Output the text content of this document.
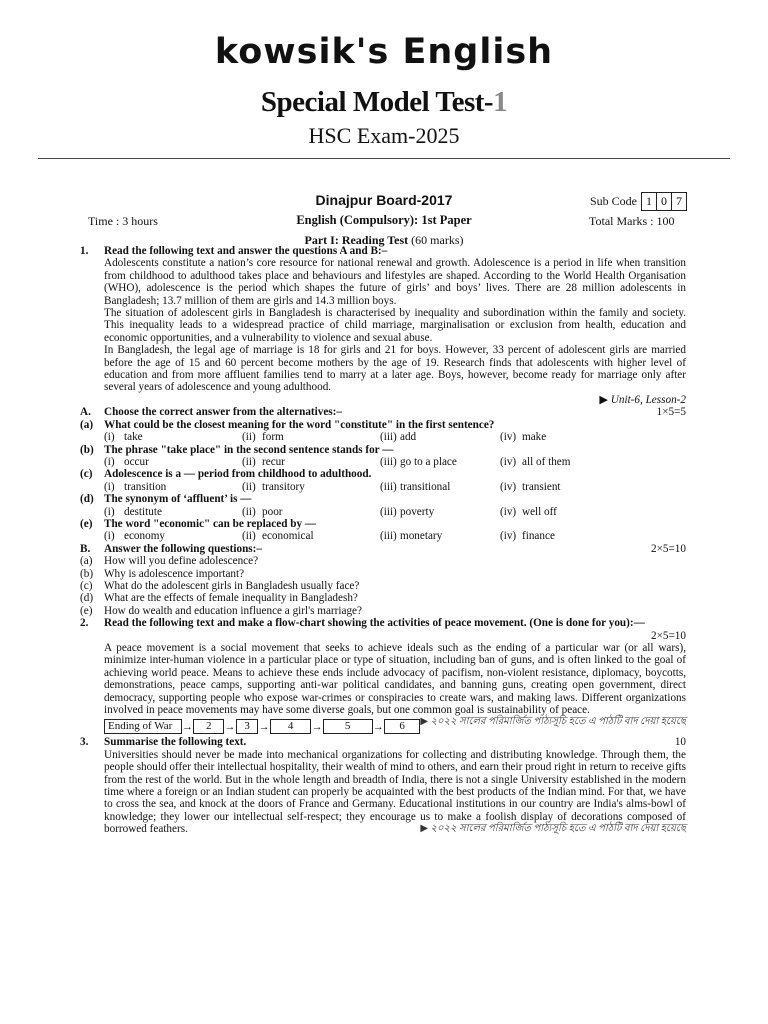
kowsik's English
Special Model Test-1
HSC Exam-2025
Dinajpur Board-2017	Sub Code 1 0 7
Time : 3 hours	English (Compulsory): 1st Paper	Total Marks : 100
Part I: Reading Test (60 marks)
1. Read the following text and answer the questions A and B:–
Adolescents constitute a nation’s core resource for national renewal and growth. Adolescence is a period in life when transition from childhood to adulthood takes place and behaviours and lifestyles are shaped. According to the World Health Organisation (WHO), adolescence is the period which shapes the future of girls’ and boys’ lives. There are 28 million adolescents in Bangladesh; 13.7 million of them are girls and 14.3 million boys.
The situation of adolescent girls in Bangladesh is characterised by inequality and subordination within the family and society. This inequality leads to a widespread practice of child marriage, marginalisation or exclusion from health, education and economic opportunities, and a vulnerability to violence and sexual abuse.
In Bangladesh, the legal age of marriage is 18 for girls and 21 for boys. However, 33 percent of adolescent girls are married before the age of 15 and 60 percent become mothers by the age of 19. Research finds that adolescents with higher level of education and from more affluent families tend to marry at a later age. Boys, however, become ready for marriage only after several years of adolescence and young adulthood.
▶ Unit-6, Lesson-2
A. Choose the correct answer from the alternatives:–	1×5=5
(a) What could be the closest meaning for the word "constitute" in the first sentence?
(i) take	(ii) form	(iii) add	(iv) make
(b) The phrase "take place" in the second sentence stands for —
(i) occur	(ii) recur	(iii) go to a place	(iv) all of them
(c) Adolescence is a — period from childhood to adulthood.
(i) transition	(ii) transitory	(iii) transitional	(iv) transient
(d) The synonym of ‘affluent’ is —
(i) destitute	(ii) poor	(iii) poverty	(iv) well off
(e) The word "economic" can be replaced by —
(i) economy	(ii) economical	(iii) monetary	(iv) finance
B. Answer the following questions:–	2×5=10
(a) How will you define adolescence?
(b) Why is adolescence important?
(c) What do the adolescent girls in Bangladesh usually face?
(d) What are the effects of female inequality in Bangladesh?
(e) How do wealth and education influence a girl's marriage?
2. Read the following text and make a flow-chart showing the activities of peace movement. (One is done for you):—
2×5=10
A peace movement is a social movement that seeks to achieve ideals such as the ending of a particular war (or all wars), minimize inter-human violence in a particular place or type of situation, including ban of guns, and is often linked to the goal of achieving world peace. Means to achieve these ends include advocacy of pacifism, non-violent resistance, diplomacy, boycotts, demonstrations, peace camps, supporting anti-war political candidates, and banning guns, creating open government, direct democracy, supporting people who expose war-crimes or conspiracies to create wars, and making laws. Different organizations involved in peace movements may have some diverse goals, but one common goal is sustainability of peace.
▶ ২০২২ সালের পরিমার্জিত পাঠ্যসূচি হতে এ পাঠটি বাদ দেয়া হয়েছে
Ending of War →	2	→ 3 →	4	→	5	→	6
3. Summarise the following text.	10
Universities should never be made into mechanical organizations for collecting and distributing knowledge. Through them, the people should offer their intellectual hospitality, their wealth of mind to others, and earn their proud right in return to receive gifts from the rest of the world. But in the whole length and breadth of India, there is not a single University established in the modern time where a foreign or an Indian student can properly be acquainted with the best products of the Indian mind. For that, we have to cross the sea, and knock at the doors of France and Germany. Educational institutions in our country are India's alms-bowl of knowledge; they lower our intellectual self-respect; they encourage us to make a foolish display of decorations composed of borrowed feathers.	▶ ২০২২ সালের পরিমার্জিত পাঠ্যসূচি হতে এ পাঠটি বাদ দেয়া হয়েছে
